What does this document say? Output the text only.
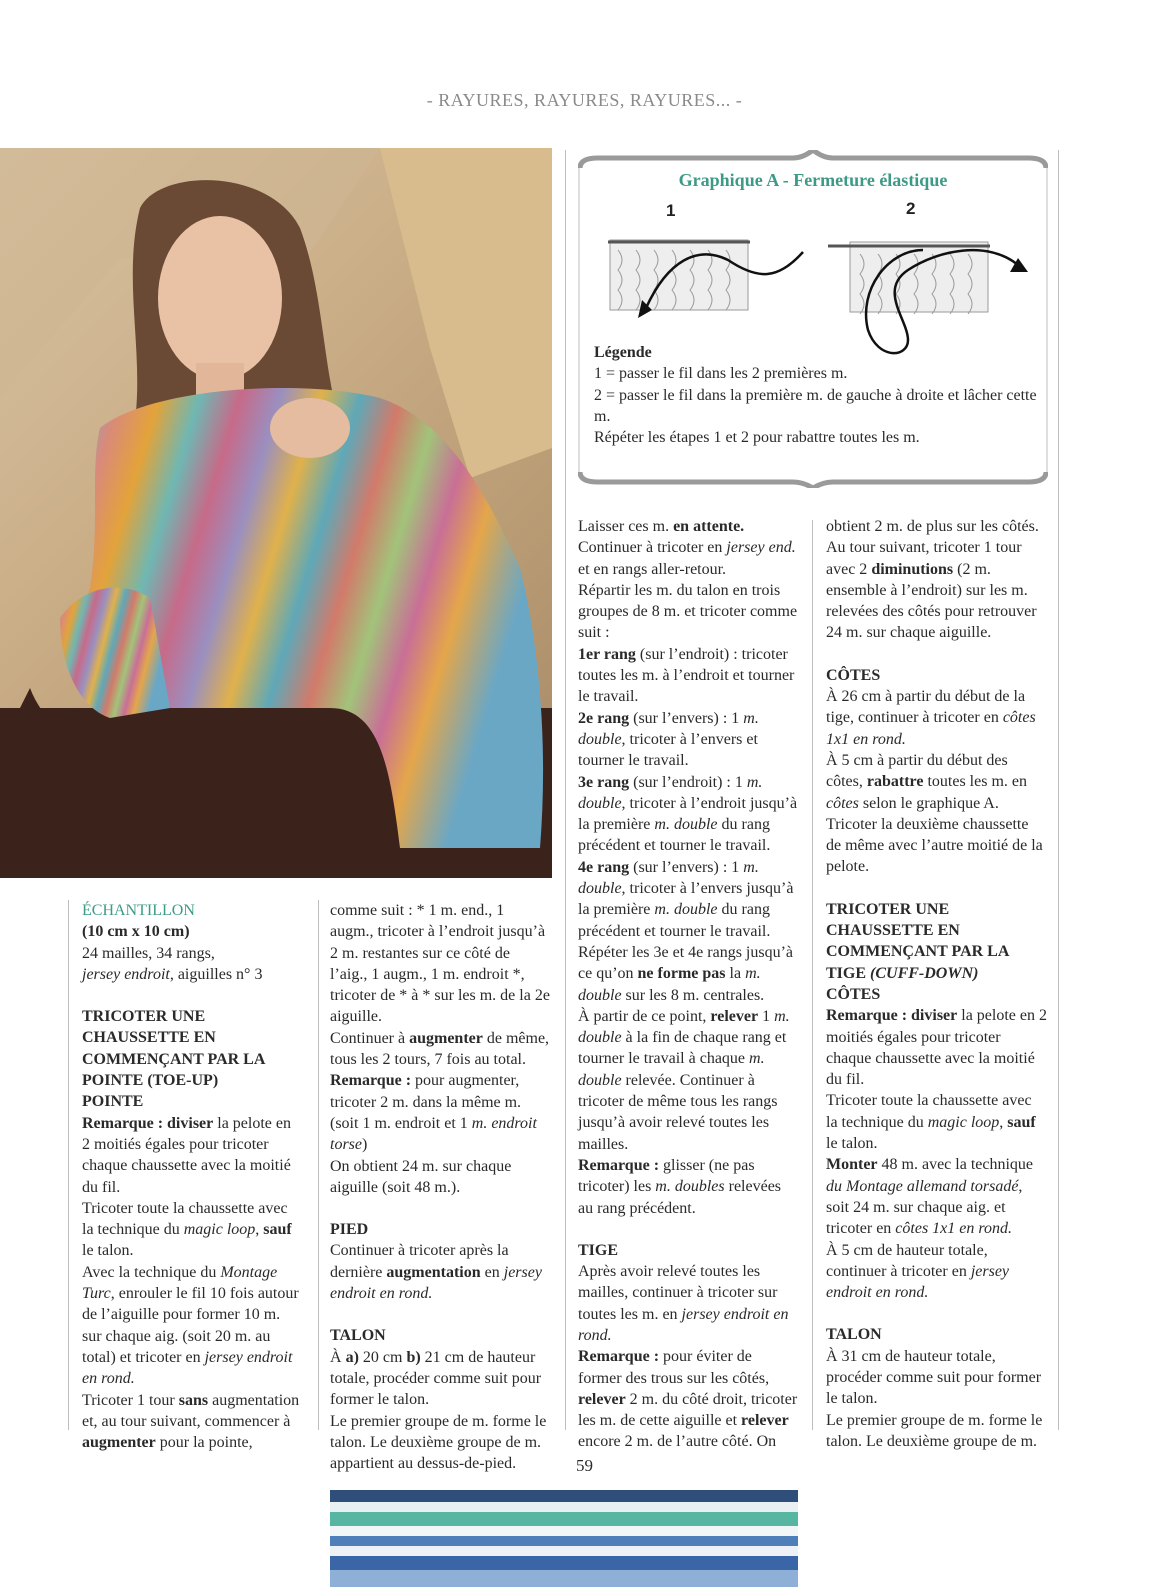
- RAYURES, RAYURES, RAYURES... -
Graphique A - Fermeture élastique
1	2

Légende

1 = passer le fil dans les 2 premières m.

2 = passer le fil dans la première m. de gauche à droite et lâcher cette m.

Répéter les étapes 1 et 2 pour rabattre toutes les m.

ÉCHANTILLON

(10 cm x 10 cm)

24 mailles, 34 rangs,

jersey endroit, aiguilles n° 3

TRICOTER UNE CHAUSSETTE EN COMMENÇANT PAR LA POINTE (TOE-UP)

POINTE

Remarque : diviser la pelote en 2 moitiés égales pour tricoter chaque chaussette avec la moitié du fil.

Tricoter toute la chaussette avec la technique du magic loop, sauf le talon.

Avec la technique du Montage Turc, enrouler le fil 10 fois autour de l’aiguille pour former 10 m. sur chaque aig. (soit 20 m. au total) et tricoter en jersey endroit en rond.

Tricoter 1 tour sans augmentation et, au tour suivant, commencer à augmenter pour la pointe,

comme suit : * 1 m. end., 1 augm., tricoter à l’endroit jusqu’à 2 m. restantes sur ce côté de l’aig., 1 augm., 1 m. endroit *, tricoter de * à * sur les m. de la 2e aiguille.

Continuer à augmenter de même, tous les 2 tours, 7 fois au total.

Remarque : pour augmenter, tricoter 2 m. dans la même m. (soit 1 m. endroit et 1 m. endroit torse)

On obtient 24 m. sur chaque aiguille (soit 48 m.).

PIED

Continuer à tricoter après la dernière augmentation en jersey endroit en rond.

TALON

À a) 20 cm b) 21 cm de hauteur totale, procéder comme suit pour former le talon.

Le premier groupe de m. forme le talon. Le deuxième groupe de m. appartient au dessus-de-pied.

Laisser ces m. en attente.

Continuer à tricoter en jersey end. et en rangs aller-retour.

Répartir les m. du talon en trois groupes de 8 m. et tricoter comme suit :

1er rang (sur l’endroit) : tricoter toutes les m. à l’endroit et tourner le travail.

2e rang (sur l’envers) : 1 m. double, tricoter à l’envers et tourner le travail.

3e rang (sur l’endroit) : 1 m. double, tricoter à l’endroit jusqu’à la première m. double du rang précédent et tourner le travail.

4e rang (sur l’envers) : 1 m. double, tricoter à l’envers jusqu’à la première m. double du rang précédent et tourner le travail.

Répéter les 3e et 4e rangs jusqu’à ce qu’on ne forme pas la m. double sur les 8 m. centrales.

À partir de ce point, relever 1 m. double à la fin de chaque rang et tourner le travail à chaque m. double relevée. Continuer à tricoter de même tous les rangs jusqu’à avoir relevé toutes les mailles.

Remarque : glisser (ne pas tricoter) les m. doubles relevées au rang précédent.

TIGE

Après avoir relevé toutes les mailles, continuer à tricoter sur toutes les m. en jersey endroit en rond.

Remarque : pour éviter de former des trous sur les côtés, relever 2 m. du côté droit, tricoter les m. de cette aiguille et relever encore 2 m. de l’autre côté. On

obtient 2 m. de plus sur les côtés. Au tour suivant, tricoter 1 tour avec 2 diminutions (2 m. ensemble à l’endroit) sur les m. relevées des côtés pour retrouver 24 m. sur chaque aiguille.

CÔTES

À 26 cm à partir du début de la tige, continuer à tricoter en côtes 1x1 en rond.

À 5 cm à partir du début des côtes, rabattre toutes les m. en côtes selon le graphique A.

Tricoter la deuxième chaussette de même avec l’autre moitié de la pelote.

TRICOTER UNE CHAUSSETTE EN COMMENÇANT PAR LA TIGE (CUFF-DOWN)

CÔTES

Remarque : diviser la pelote en 2 moitiés égales pour tricoter chaque chaussette avec la moitié du fil.

Tricoter toute la chaussette avec la technique du magic loop, sauf le talon.

Monter 48 m. avec la technique du Montage allemand torsadé, soit 24 m. sur chaque aig. et tricoter en côtes 1x1 en rond.

À 5 cm de hauteur totale, continuer à tricoter en jersey endroit en rond.

TALON

À 31 cm de hauteur totale, procéder comme suit pour former le talon.

Le premier groupe de m. forme le talon. Le deuxième groupe de m.

59
